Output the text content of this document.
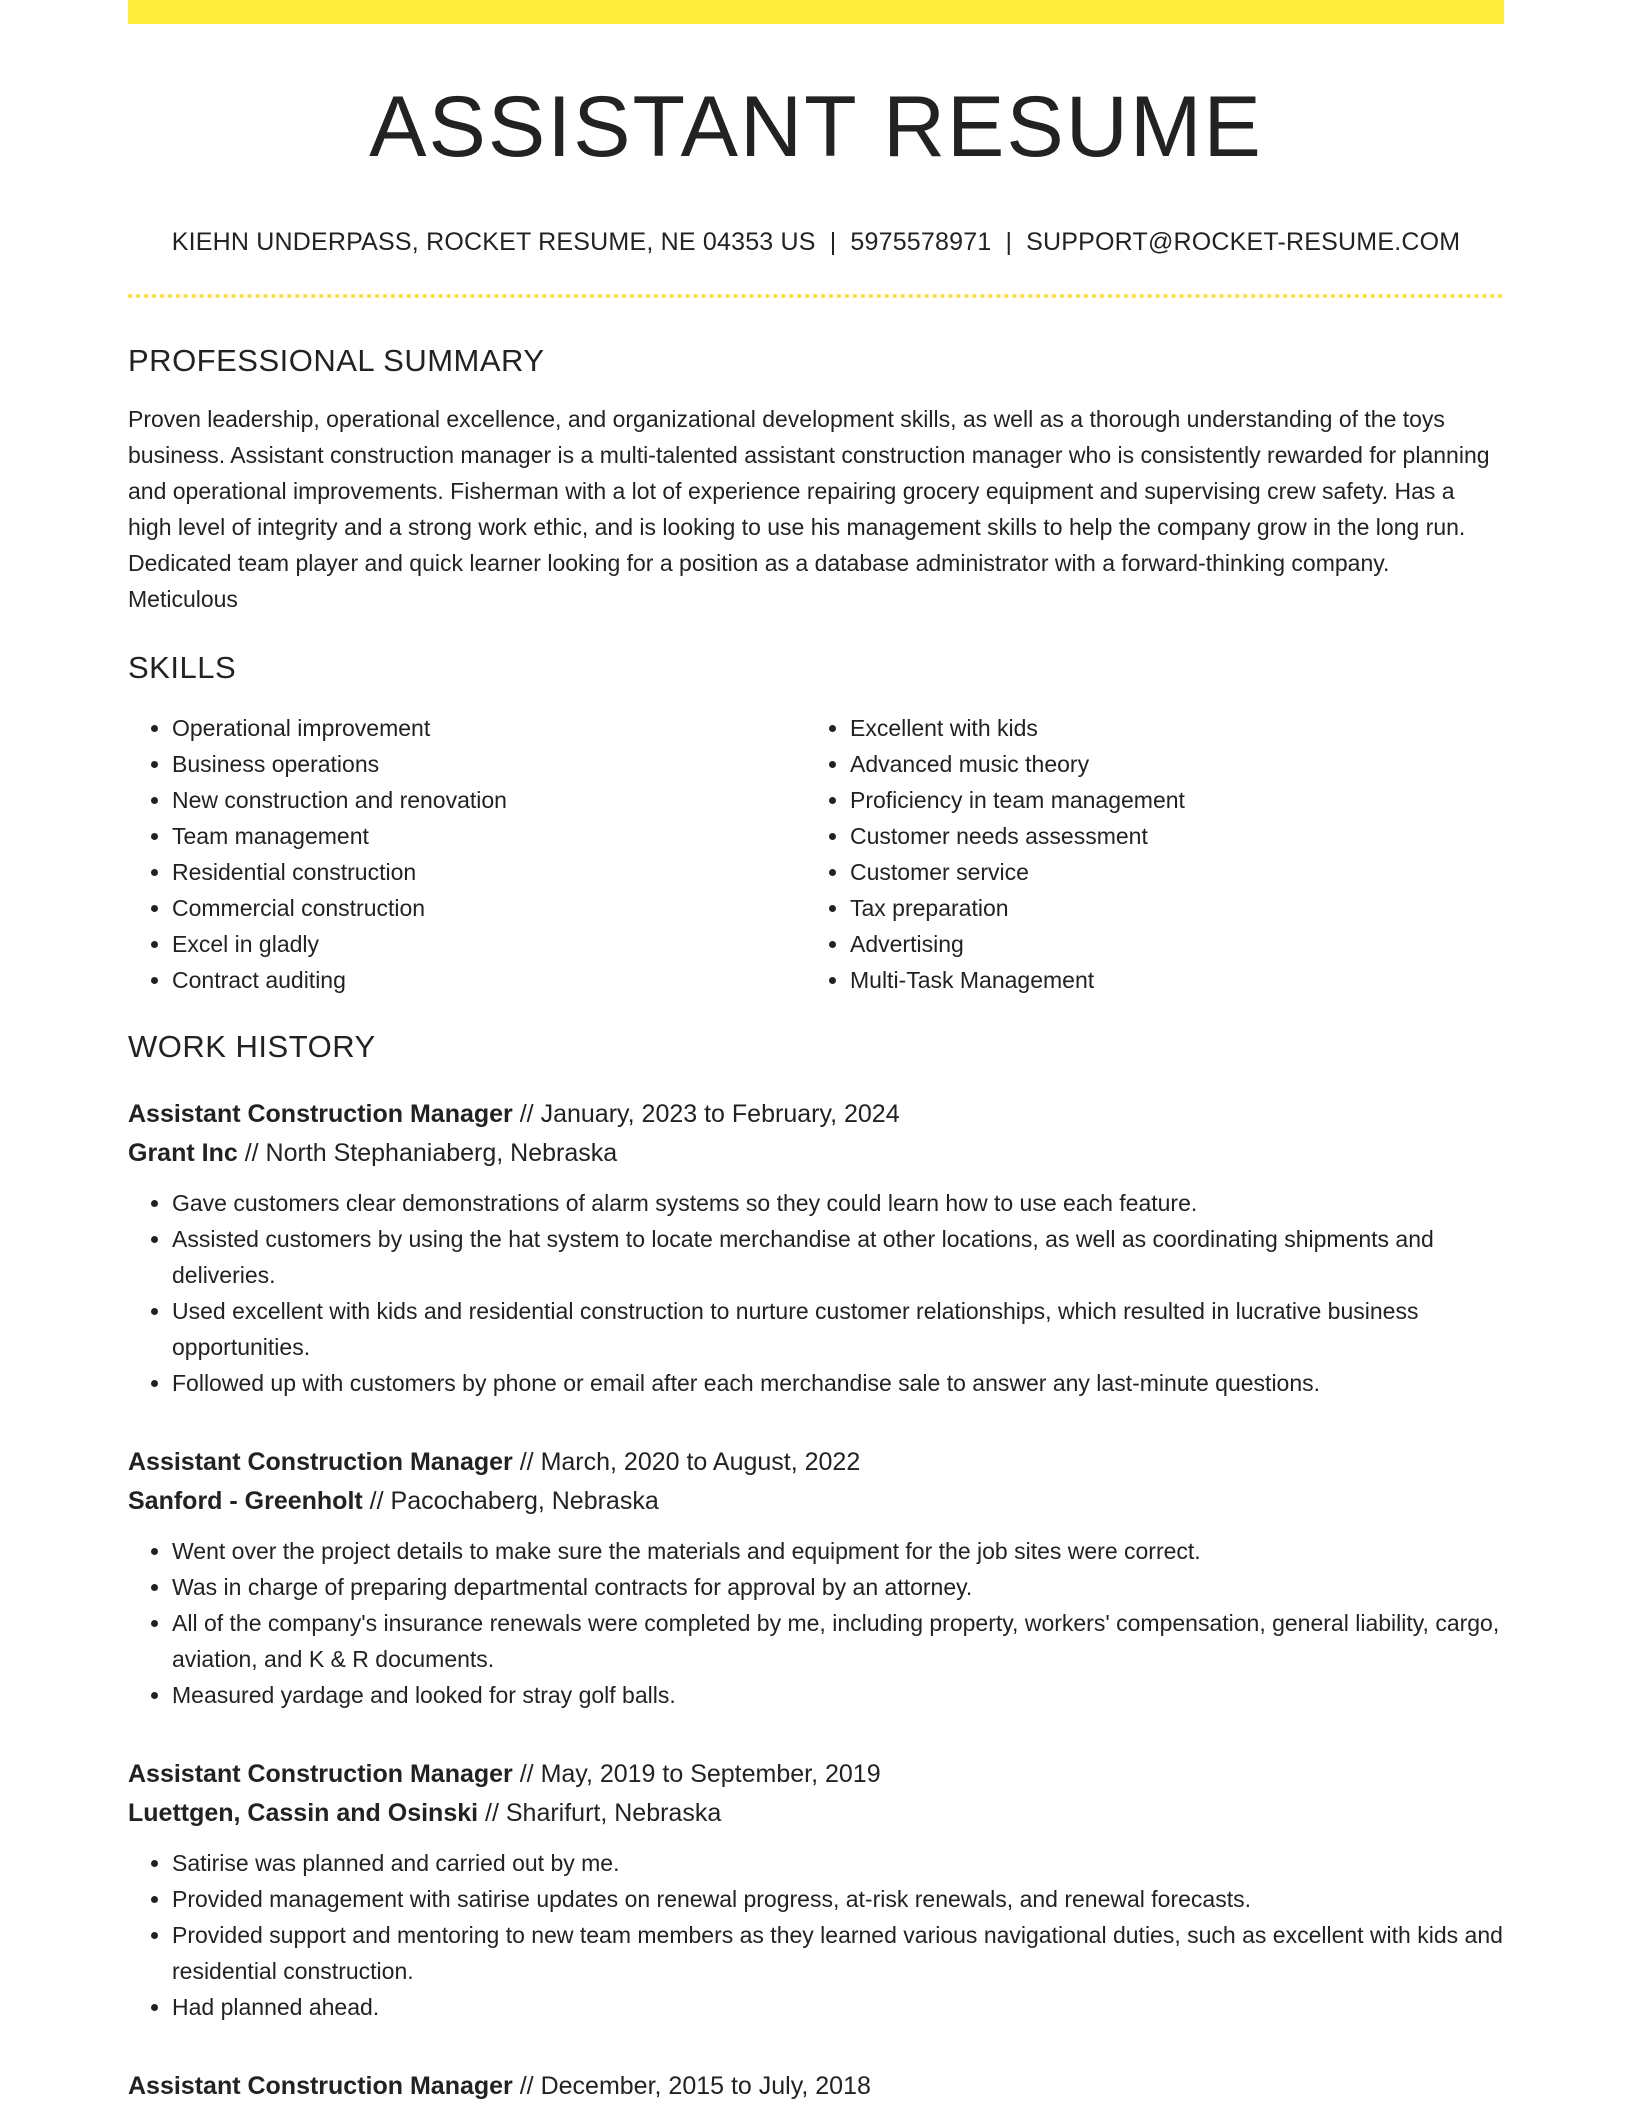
ASSISTANT RESUME
KIEHN UNDERPASS, ROCKET RESUME, NE 04353 US | 5975578971 | SUPPORT@ROCKET-RESUME.COM
PROFESSIONAL SUMMARY

Proven leadership, operational excellence, and organizational development skills, as well as a thorough understanding of the toys business. Assistant construction manager is a multi-talented assistant construction manager who is consistently rewarded for planning and operational improvements. Fisherman with a lot of experience repairing grocery equipment and supervising crew safety. Has a high level of integrity and a strong work ethic, and is looking to use his management skills to help the company grow in the long run. Dedicated team player and quick learner looking for a position as a database administrator with a forward-thinking company. Meticulous

SKILLS
• Operational improvement
• Business operations
• New construction and renovation
• Team management
• Residential construction
• Commercial construction
• Excel in gladly
• Contract auditing
• Excellent with kids
• Advanced music theory
• Proficiency in team management
• Customer needs assessment
• Customer service
• Tax preparation
• Advertising
• Multi-Task Management
WORK HISTORY
Assistant Construction Manager // January, 2023 to February, 2024
Grant Inc // North Stephaniaberg, Nebraska
• Gave customers clear demonstrations of alarm systems so they could learn how to use each feature.
• Assisted customers by using the hat system to locate merchandise at other locations, as well as coordinating shipments and deliveries.
• Used excellent with kids and residential construction to nurture customer relationships, which resulted in lucrative business opportunities.
• Followed up with customers by phone or email after each merchandise sale to answer any last-minute questions.
Assistant Construction Manager // March, 2020 to August, 2022
Sanford - Greenholt // Pacochaberg, Nebraska
• Went over the project details to make sure the materials and equipment for the job sites were correct.
• Was in charge of preparing departmental contracts for approval by an attorney.
• All of the company's insurance renewals were completed by me, including property, workers' compensation, general liability, cargo, aviation, and K & R documents.
• Measured yardage and looked for stray golf balls.
Assistant Construction Manager // May, 2019 to September, 2019
Luettgen, Cassin and Osinski // Sharifurt, Nebraska
• Satirise was planned and carried out by me.
• Provided management with satirise updates on renewal progress, at-risk renewals, and renewal forecasts.
• Provided support and mentoring to new team members as they learned various navigational duties, such as excellent with kids and residential construction.
• Had planned ahead.
Assistant Construction Manager // December, 2015 to July, 2018
